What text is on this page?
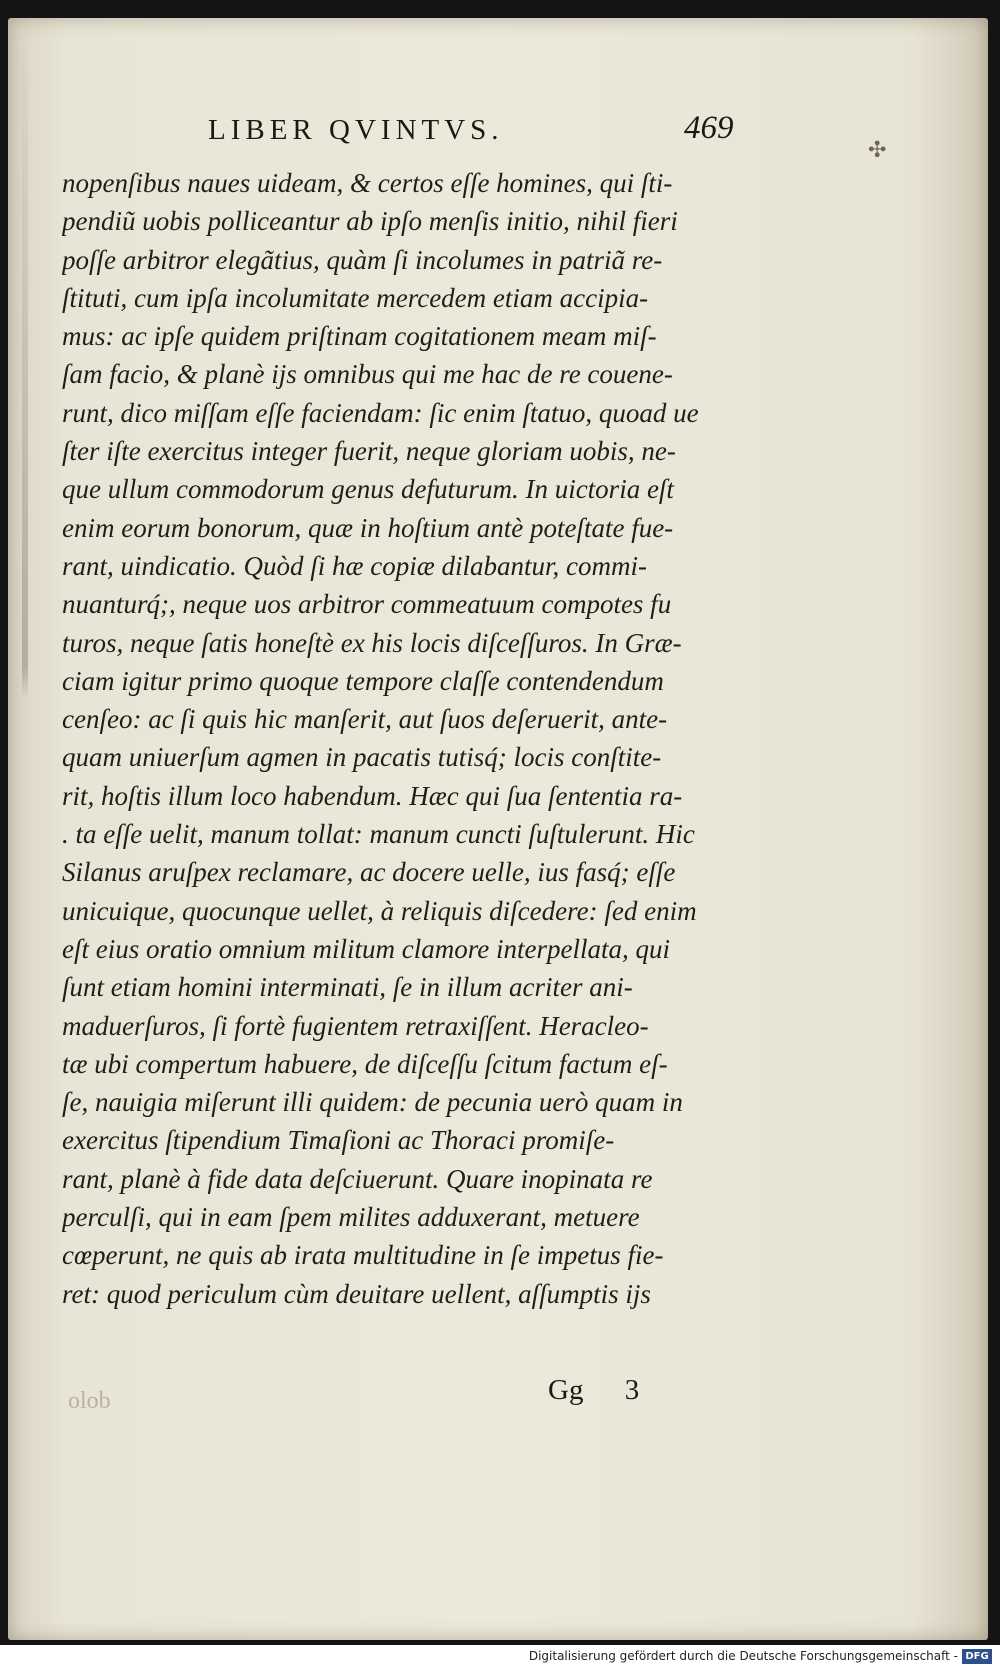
LIBER QVINTVS.	469
✣
nopenſibus naues uideam, & certos eſſe homines, qui ſti-
pendiũ uobis polliceantur ab ipſo menſis initio, nihil fieri
poſſe arbitror elegãtius, quàm ſi incolumes in patriã re-
ſtituti, cum ipſa incolumitate mercedem etiam accipia-
mus: ac ipſe quidem priſtinam cogitationem meam miſ-
ſam facio, & planè iјs omnibus qui me hac de re couene-
runt, dico miſſam eſſe faciendam: ſic enim ſtatuo, quoad ue
ſter iſte exercitus integer fuerit, neque gloriam uobis, ne-
que ullum commodorum genus defuturum. In uictoria eſt
enim eorum bonorum, quæ in hoſtium antè poteſtate fue-
rant, uindicatio. Quòd ſi hæ copiæ dilabantur, commi-
nuanturq́;, neque uos arbitror commeatuum compotes fu
turos, neque ſatis honeſtè ex his locis diſceſſuros. In Græ-
ciam igitur primo quoque tempore claſſe contendendum
cenſeo: ac ſi quis hic manſerit, aut ſuos deſeruerit, ante-
quam uniuerſum agmen in pacatis tutisq́; locis conſtite-
rit, hoſtis illum loco habendum. Hæc qui ſua ſententia ra-
. ta eſſe uelit, manum tollat: manum cuncti ſuſtulerunt. Hic
Silanus aruſpex reclamare, ac docere uelle, ius fasq́; eſſe
unicuique, quocunque uellet, à reliquis diſcedere: ſed enim
eſt eius oratio omnium militum clamore interpellata, qui
ſunt etiam homini interminati, ſe in illum acriter ani-
maduerſuros, ſi fortè fugientem retraxiſſent. Heracleo-
tæ ubi compertum habuere, de diſceſſu ſcitum factum eſ-
ſe, nauigia miſerunt illi quidem: de pecunia uerò quam in
exercitus ſtipendium Timaſioni ac Thoraci promiſe-
rant, planè à fide data deſciuerunt. Quare inopinata re
perculſi, qui in eam ſpem milites adduxerant, metuere
cœperunt, ne quis ab irata multitudine in ſe impetus fie-
ret: quod periculum cùm deuitare uellent, aſſumptis iјs
Gg 3
olob
Digitalisierung gefördert durch die Deutsche Forschungsgemeinschaft - DFG
